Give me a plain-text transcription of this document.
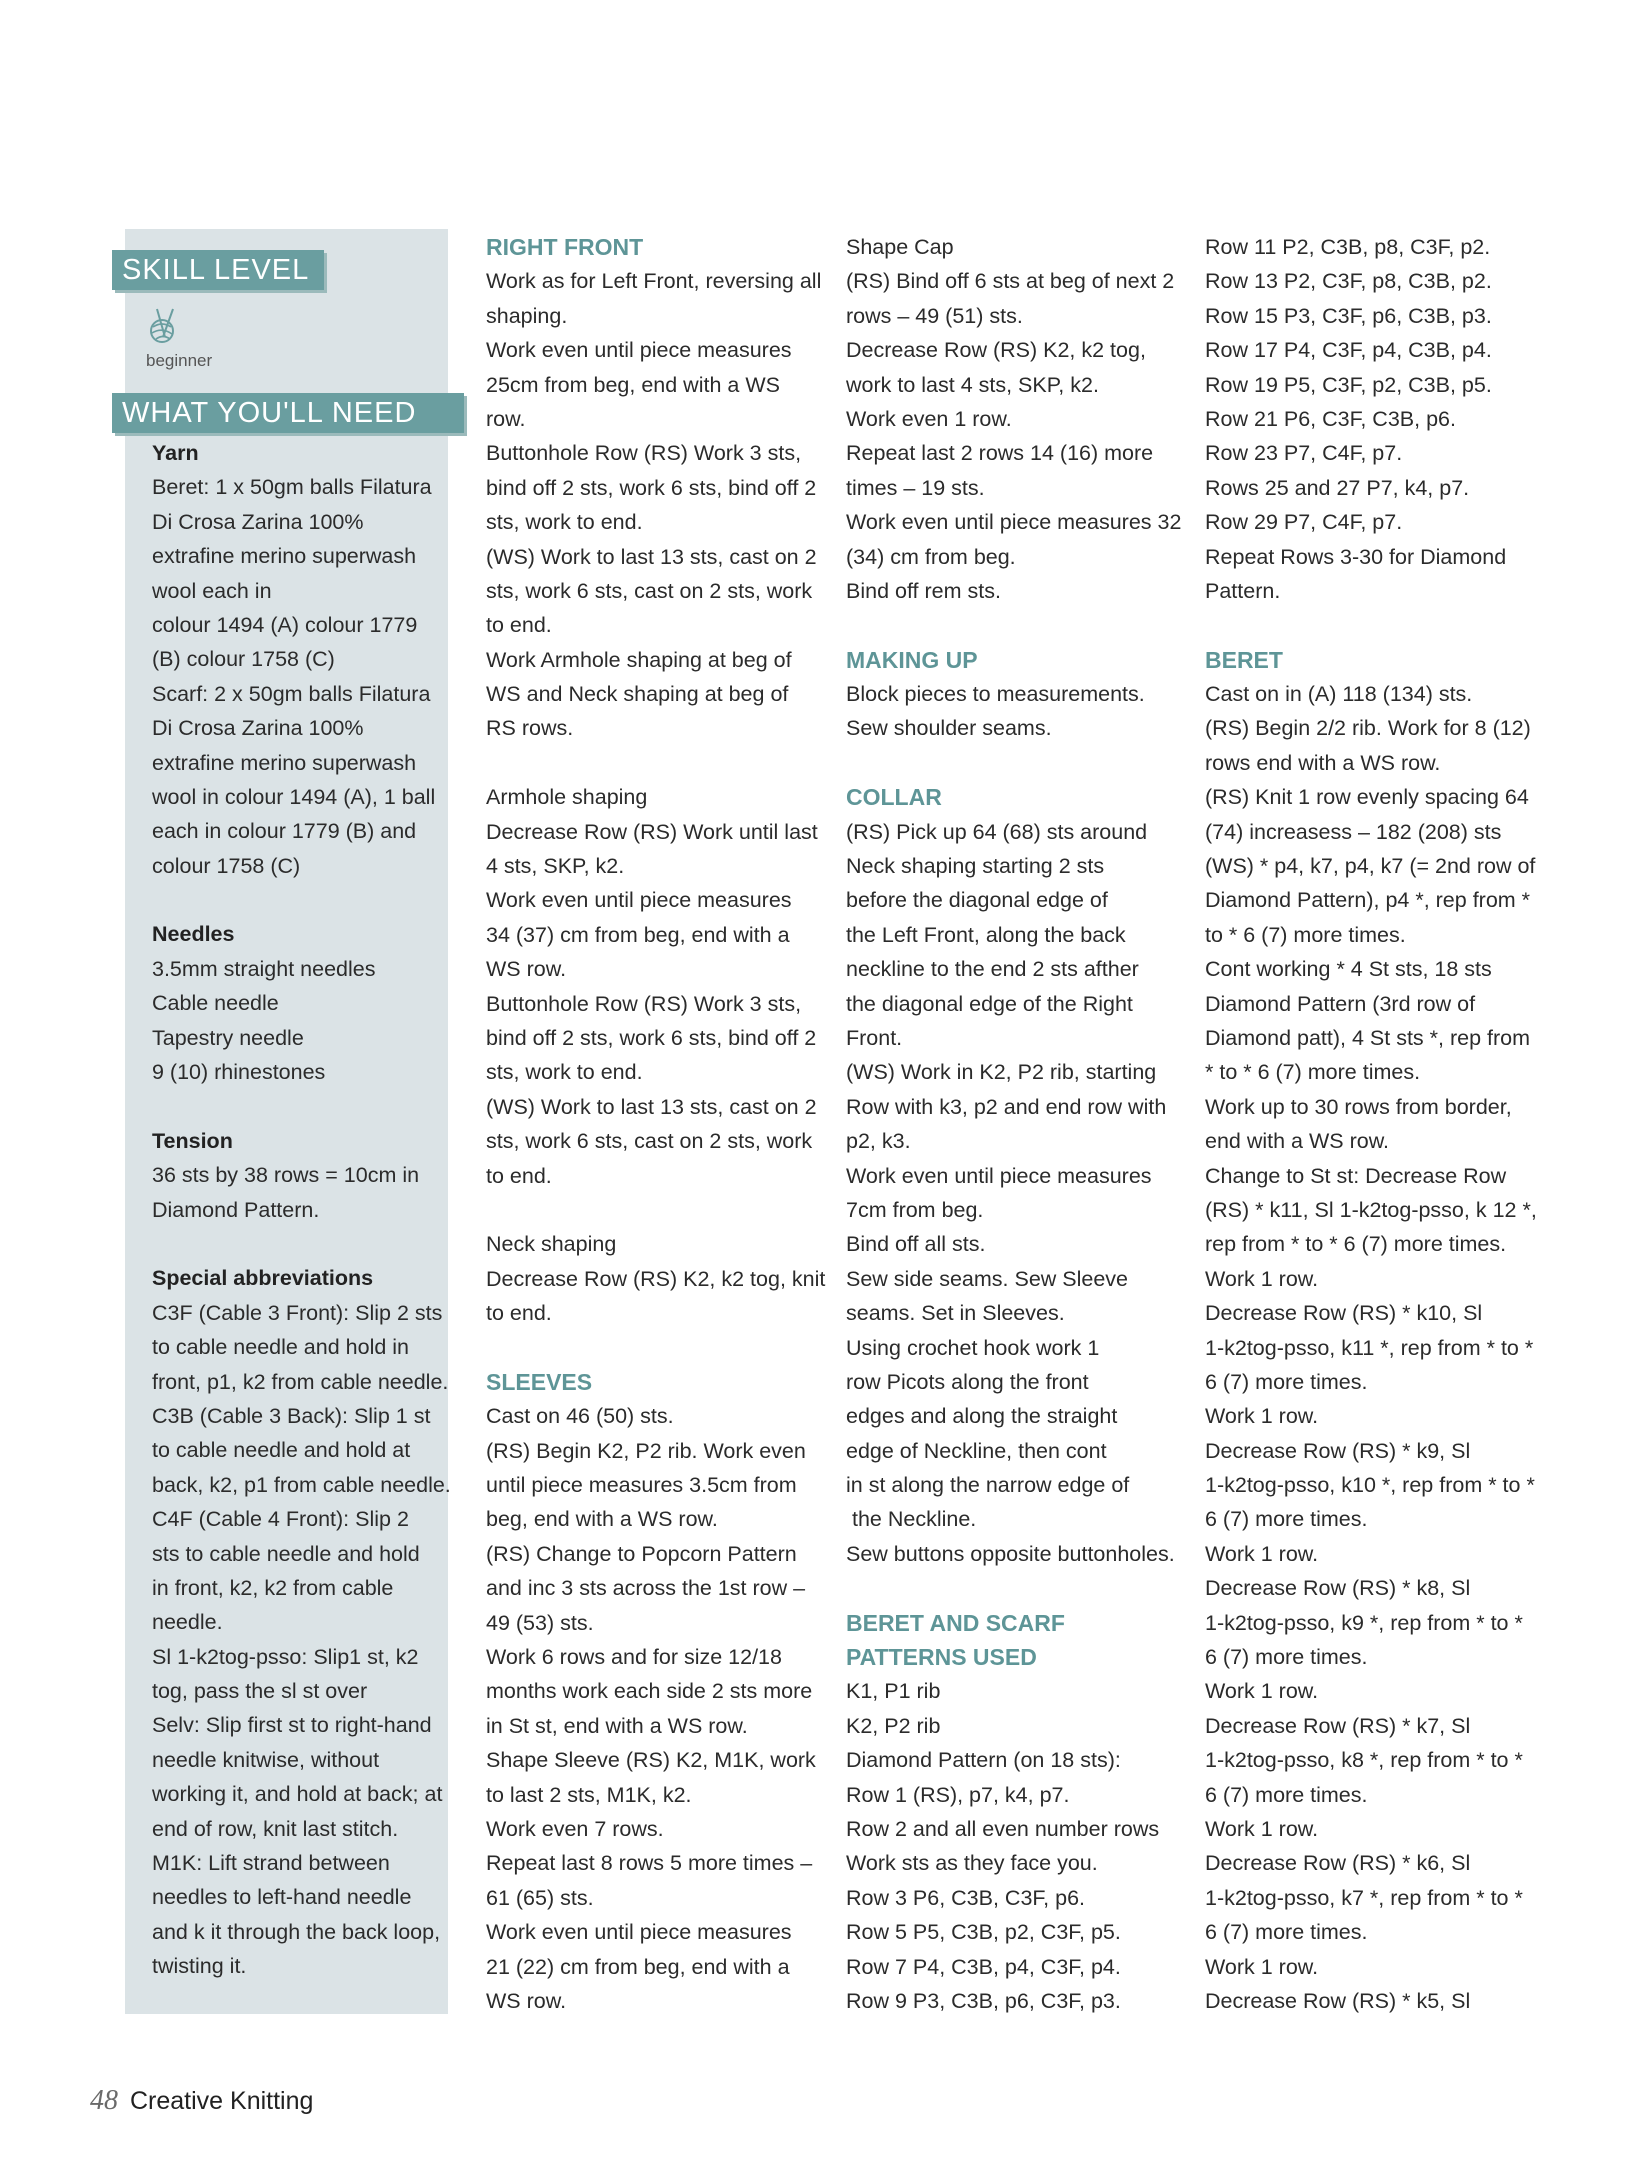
SKILL LEVEL
beginner
WHAT YOU'LL NEED
Yarn
Beret: 1 x 50gm balls Filatura
Di Crosa Zarina 100%
extrafine merino superwash
wool each in
colour 1494 (A) colour 1779
(B) colour 1758 (C)
Scarf: 2 x 50gm balls Filatura
Di Crosa Zarina 100%
extrafine merino superwash
wool in colour 1494 (A), 1 ball
each in colour 1779 (B) and
colour 1758 (C)
Needles
3.5mm straight needles
Cable needle
Tapestry needle
9 (10) rhinestones
Tension
36 sts by 38 rows = 10cm in
Diamond Pattern.
Special abbreviations
C3F (Cable 3 Front): Slip 2 sts
to cable needle and hold in
front, p1, k2 from cable needle.
C3B (Cable 3 Back): Slip 1 st
to cable needle and hold at
back, k2, p1 from cable needle.
C4F (Cable 4 Front): Slip 2
sts to cable needle and hold
in front, k2, k2 from cable
needle.
Sl 1-k2tog-psso: Slip1 st, k2
tog, pass the sl st over
Selv: Slip first st to right-hand
needle knitwise, without
working it, and hold at back; at
end of row, knit last stitch.
M1K: Lift strand between
needles to left-hand needle
and k it through the back loop,
twisting it.
RIGHT FRONT
Work as for Left Front, reversing all
shaping.
Work even until piece measures
25cm from beg, end with a WS
row.
Buttonhole Row (RS) Work 3 sts,
bind off 2 sts, work 6 sts, bind off 2
sts, work to end.
(WS) Work to last 13 sts, cast on 2
sts, work 6 sts, cast on 2 sts, work
to end.
Work Armhole shaping at beg of
WS and Neck shaping at beg of
RS rows.
Armhole shaping
Decrease Row (RS) Work until last
4 sts, SKP, k2.
Work even until piece measures
34 (37) cm from beg, end with a
WS row.
Buttonhole Row (RS) Work 3 sts,
bind off 2 sts, work 6 sts, bind off 2
sts, work to end.
(WS) Work to last 13 sts, cast on 2
sts, work 6 sts, cast on 2 sts, work
to end.
Neck shaping
Decrease Row (RS) K2, k2 tog, knit
to end.
SLEEVES
Cast on 46 (50) sts.
(RS) Begin K2, P2 rib. Work even
until piece measures 3.5cm from
beg, end with a WS row.
(RS) Change to Popcorn Pattern
and inc 3 sts across the 1st row –
49 (53) sts.
Work 6 rows and for size 12/18
months work each side 2 sts more
in St st, end with a WS row.
Shape Sleeve (RS) K2, M1K, work
to last 2 sts, M1K, k2.
Work even 7 rows.
Repeat last 8 rows 5 more times –
61 (65) sts.
Work even until piece measures
21 (22) cm from beg, end with a
WS row.
Shape Cap
(RS) Bind off 6 sts at beg of next 2
rows – 49 (51) sts.
Decrease Row (RS) K2, k2 tog,
work to last 4 sts, SKP, k2.
Work even 1 row.
Repeat last 2 rows 14 (16) more
times – 19 sts.
Work even until piece measures 32
(34) cm from beg.
Bind off rem sts.
MAKING UP
Block pieces to measurements.
Sew shoulder seams.
COLLAR
(RS) Pick up 64 (68) sts around
Neck shaping starting 2 sts
before the diagonal edge of
the Left Front, along the back
neckline to the end 2 sts afther
the diagonal edge of the Right
Front.
(WS) Work in K2, P2 rib, starting
Row with k3, p2 and end row with
p2, k3.
Work even until piece measures
7cm from beg.
Bind off all sts.
Sew side seams. Sew Sleeve
seams. Set in Sleeves.
Using crochet hook work 1
row Picots along the front
edges and along the straight
edge of Neckline, then cont
in st along the narrow edge of
the Neckline.
Sew buttons opposite buttonholes.
BERET AND SCARF
PATTERNS USED
K1, P1 rib
K2, P2 rib
Diamond Pattern (on 18 sts):
Row 1 (RS), p7, k4, p7.
Row 2 and all even number rows
Work sts as they face you.
Row 3 P6, C3B, C3F, p6.
Row 5 P5, C3B, p2, C3F, p5.
Row 7 P4, C3B, p4, C3F, p4.
Row 9 P3, C3B, p6, C3F, p3.
Row 11 P2, C3B, p8, C3F, p2.
Row 13 P2, C3F, p8, C3B, p2.
Row 15 P3, C3F, p6, C3B, p3.
Row 17 P4, C3F, p4, C3B, p4.
Row 19 P5, C3F, p2, C3B, p5.
Row 21 P6, C3F, C3B, p6.
Row 23 P7, C4F, p7.
Rows 25 and 27 P7, k4, p7.
Row 29 P7, C4F, p7.
Repeat Rows 3-30 for Diamond
Pattern.
BERET
Cast on in (A) 118 (134) sts.
(RS) Begin 2/2 rib. Work for 8 (12)
rows end with a WS row.
(RS) Knit 1 row evenly spacing 64
(74) increasess – 182 (208) sts
(WS) * p4, k7, p4, k7 (= 2nd row of
Diamond Pattern), p4 *, rep from *
to * 6 (7) more times.
Cont working * 4 St sts, 18 sts
Diamond Pattern (3rd row of
Diamond patt), 4 St sts *, rep from
* to * 6 (7) more times.
Work up to 30 rows from border,
end with a WS row.
Change to St st: Decrease Row
(RS) * k11, Sl 1-k2tog-psso, k 12 *,
rep from * to * 6 (7) more times.
Work 1 row.
Decrease Row (RS) * k10, Sl
1-k2tog-psso, k11 *, rep from * to *
6 (7) more times.
Work 1 row.
Decrease Row (RS) * k9, Sl
1-k2tog-psso, k10 *, rep from * to *
6 (7) more times.
Work 1 row.
Decrease Row (RS) * k8, Sl
1-k2tog-psso, k9 *, rep from * to *
6 (7) more times.
Work 1 row.
Decrease Row (RS) * k7, Sl
1-k2tog-psso, k8 *, rep from * to *
6 (7) more times.
Work 1 row.
Decrease Row (RS) * k6, Sl
1-k2tog-psso, k7 *, rep from * to *
6 (7) more times.
Work 1 row.
Decrease Row (RS) * k5, Sl
48 Creative Knitting
